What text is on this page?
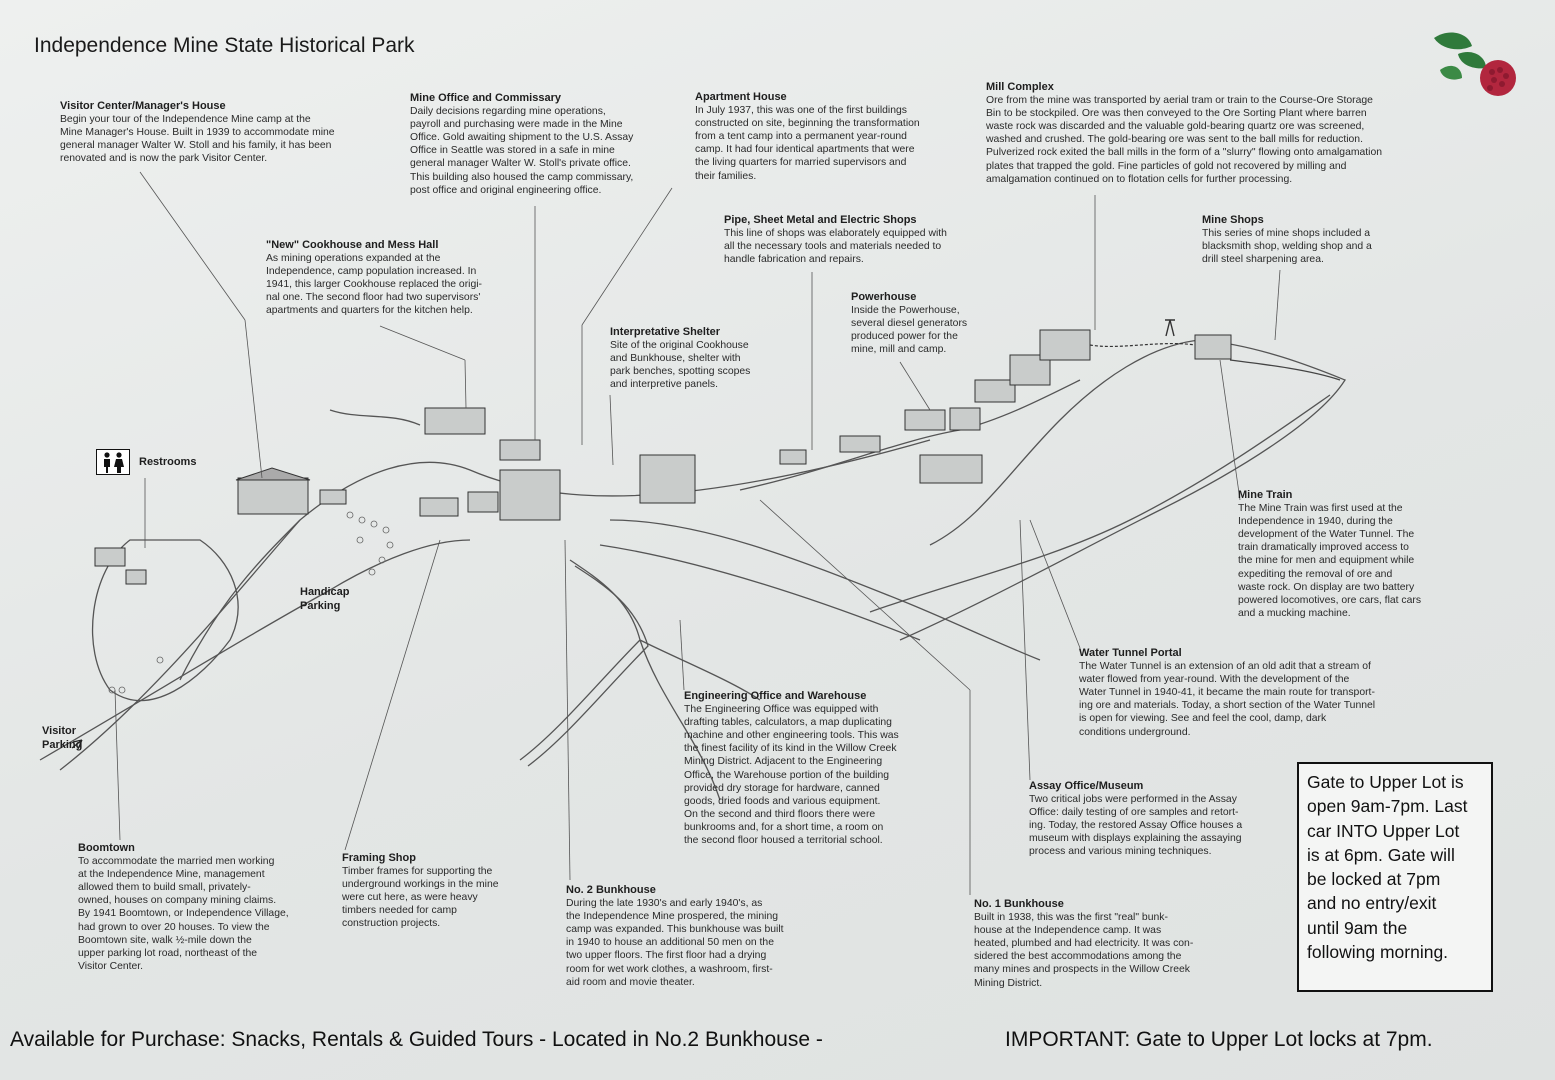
Independence Mine State Historical Park
Visitor Center/Manager's House
Begin your tour of the Independence Mine camp at the
Mine Manager's House. Built in 1939 to accommodate mine
general manager Walter W. Stoll and his family, it has been
renovated and is now the park Visitor Center.
Mine Office and Commissary
Daily decisions regarding mine operations,
payroll and purchasing were made in the Mine
Office. Gold awaiting shipment to the U.S. Assay
Office in Seattle was stored in a safe in mine
general manager Walter W. Stoll's private office.
This building also housed the camp commissary,
post office and original engineering office.
Apartment House
In July 1937, this was one of the first buildings
constructed on site, beginning the transformation
from a tent camp into a permanent year-round
camp. It had four identical apartments that were
the living quarters for married supervisors and
their families.
Mill Complex
Ore from the mine was transported by aerial tram or train to the Course-Ore Storage
Bin to be stockpiled. Ore was then conveyed to the Ore Sorting Plant where barren
waste rock was discarded and the valuable gold-bearing quartz ore was screened,
washed and crushed. The gold-bearing ore was sent to the ball mills for reduction.
Pulverized rock exited the ball mills in the form of a "slurry" flowing onto amalgamation
plates that trapped the gold. Fine particles of gold not recovered by milling and
amalgamation continued on to flotation cells for further processing.
"New" Cookhouse and Mess Hall
As mining operations expanded at the
Independence, camp population increased. In
1941, this larger Cookhouse replaced the origi-
nal one. The second floor had two supervisors'
apartments and quarters for the kitchen help.
Pipe, Sheet Metal and Electric Shops
This line of shops was elaborately equipped with
all the necessary tools and materials needed to
handle fabrication and repairs.
Mine Shops
This series of mine shops included a
blacksmith shop, welding shop and a
drill steel sharpening area.
Powerhouse
Inside the Powerhouse,
several diesel generators
produced power for the
mine, mill and camp.
Interpretative Shelter
Site of the original Cookhouse
and Bunkhouse, shelter with
park benches, spotting scopes
and interpretive panels.
Mine Train
The Mine Train was first used at the
Independence in 1940, during the
development of the Water Tunnel. The
train dramatically improved access to
the mine for men and equipment while
expediting the removal of ore and
waste rock. On display are two battery
powered locomotives, ore cars, flat cars
and a mucking machine.
Water Tunnel Portal
The Water Tunnel is an extension of an old adit that a stream of
water flowed from year-round. With the development of the
Water Tunnel in 1940-41, it became the main route for transport-
ing ore and materials. Today, a short section of the Water Tunnel
is open for viewing. See and feel the cool, damp, dark
conditions underground.
Engineering Office and Warehouse
The Engineering Office was equipped with
drafting tables, calculators, a map duplicating
machine and other engineering tools. This was
the finest facility of its kind in the Willow Creek
Mining District. Adjacent to the Engineering
Office, the Warehouse portion of the building
provided dry storage for hardware, canned
goods, dried foods and various equipment.
On the second and third floors there were
bunkrooms and, for a short time, a room on
the second floor housed a territorial school.
Assay Office/Museum
Two critical jobs were performed in the Assay
Office: daily testing of ore samples and retort-
ing. Today, the restored Assay Office houses a
museum with displays explaining the assaying
process and various mining techniques.
Boomtown
To accommodate the married men working
at the Independence Mine, management
allowed them to build small, privately-
owned, houses on company mining claims.
By 1941 Boomtown, or Independence Village,
had grown to over 20 houses. To view the
Boomtown site, walk ½-mile down the
upper parking lot road, northeast of the
Visitor Center.
Framing Shop
Timber frames for supporting the
underground workings in the mine
were cut here, as were heavy
timbers needed for camp
construction projects.
No. 2 Bunkhouse
During the late 1930's and early 1940's, as
the Independence Mine prospered, the mining
camp was expanded. This bunkhouse was built
in 1940 to house an additional 50 men on the
two upper floors. The first floor had a drying
room for wet work clothes, a washroom, first-
aid room and movie theater.
No. 1 Bunkhouse
Built in 1938, this was the first "real" bunk-
house at the Independence camp. It was
heated, plumbed and had electricity. It was con-
sidered the best accommodations among the
many mines and prospects in the Willow Creek
Mining District.
Restrooms
Handicap
Parking
Visitor
Parking
Gate to Upper Lot is
open 9am-7pm. Last
car INTO Upper Lot
is at 6pm. Gate will
be locked at 7pm
and no entry/exit
until 9am the
following morning.
Available for Purchase: Snacks, Rentals & Guided Tours - Located in No.2 Bunkhouse -	IMPORTANT: Gate to Upper Lot locks at 7pm.
